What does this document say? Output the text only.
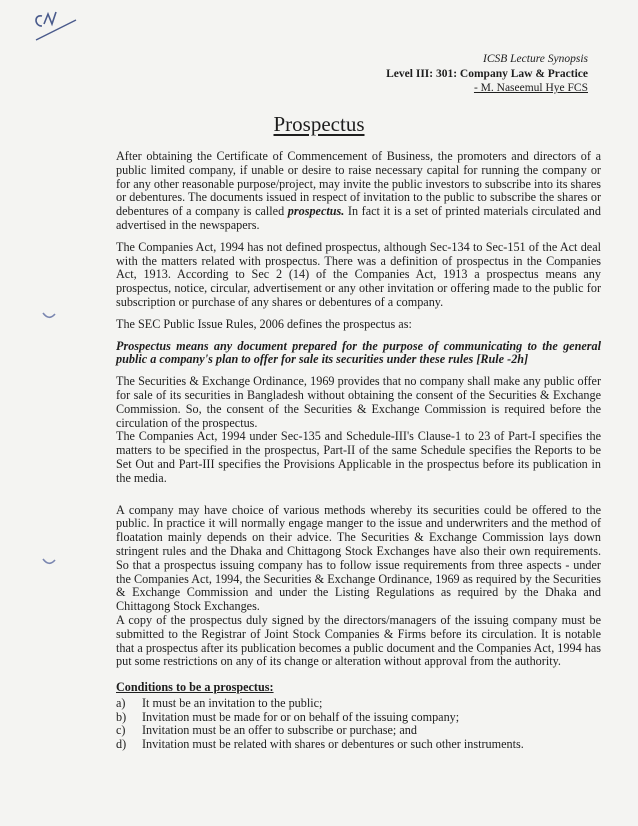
ICSB Lecture Synopsis
Level III: 301: Company Law & Practice
- M. Naseemul Hye FCS
Prospectus

After obtaining the Certificate of Commencement of Business, the promoters and directors of a public limited company, if unable or desire to raise necessary capital for running the company or for any other reasonable purpose/project, may invite the public investors to subscribe into its shares or debentures. The documents issued in respect of invitation to the public to subscribe the shares or debentures of a company is called prospectus. In fact it is a set of printed materials circulated and advertised in the newspapers.

The Companies Act, 1994 has not defined prospectus, although Sec-134 to Sec-151 of the Act deal with the matters related with prospectus. There was a definition of prospectus in the Companies Act, 1913. According to Sec 2 (14) of the Companies Act, 1913 a prospectus means any prospectus, notice, circular, advertisement or any other invitation or offering made to the public for subscription or purchase of any shares or debentures of a company.

The SEC Public Issue Rules, 2006 defines the prospectus as:

Prospectus means any document prepared for the purpose of communicating to the general public a company's plan to offer for sale its securities under these rules [Rule -2h]

The Securities & Exchange Ordinance, 1969 provides that no company shall make any public offer for sale of its securities in Bangladesh without obtaining the consent of the Securities & Exchange Commission. So, the consent of the Securities & Exchange Commission is required before the circulation of the prospectus.

The Companies Act, 1994 under Sec-135 and Schedule-III's Clause-1 to 23 of Part-I specifies the matters to be specified in the prospectus, Part-II of the same Schedule specifies the Reports to be Set Out and Part-III specifies the Provisions Applicable in the prospectus before its publication in the media.

A company may have choice of various methods whereby its securities could be offered to the public. In practice it will normally engage manger to the issue and underwriters and the method of floatation mainly depends on their advice. The Securities & Exchange Commission lays down stringent rules and the Dhaka and Chittagong Stock Exchanges have also their own requirements. So that a prospectus issuing company has to follow issue requirements from three aspects - under the Companies Act, 1994, the Securities & Exchange Ordinance, 1969 as required by the Securities & Exchange Commission and under the Listing Regulations as required by the Dhaka and Chittagong Stock Exchanges.

A copy of the prospectus duly signed by the directors/managers of the issuing company must be submitted to the Registrar of Joint Stock Companies & Firms before its circulation. It is notable that a prospectus after its publication becomes a public document and the Companies Act, 1994 has put some restrictions on any of its change or alteration without approval from the authority.

Conditions to be a prospectus:
a)	It must be an invitation to the public;
b)	Invitation must be made for or on behalf of the issuing company;
c)	Invitation must be an offer to subscribe or purchase; and
d)	Invitation must be related with shares or debentures or such other instruments.
